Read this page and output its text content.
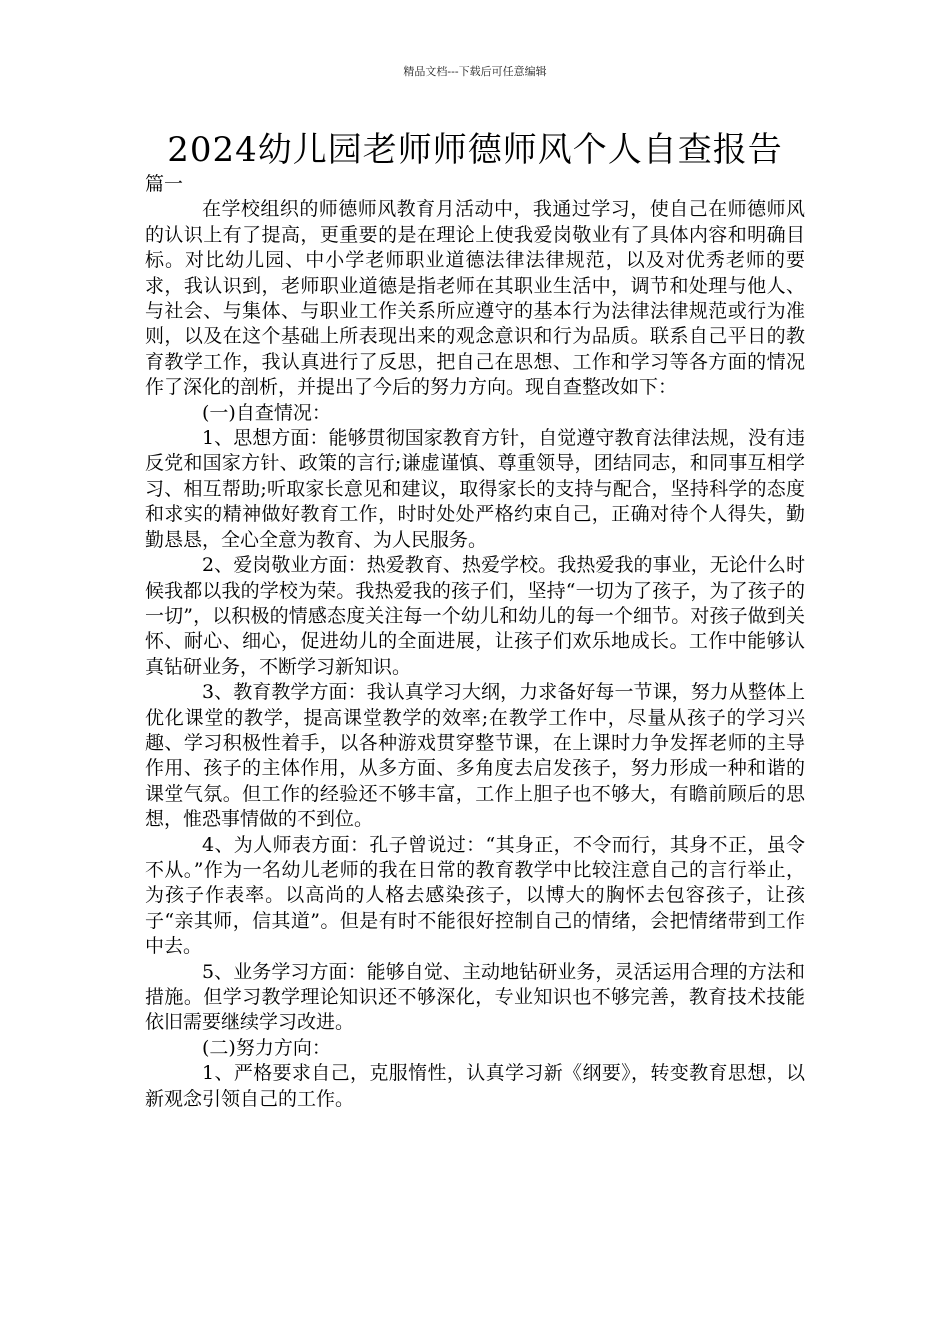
精品文档---下载后可任意编辑
2024幼儿园老师师德师风个人自查报告

篇一

在学校组织的师德师风教育月活动中，我通过学习，使自己在师德师风的认识上有了提高，更重要的是在理论上使我爱岗敬业有了具体内容和明确目标。对比幼儿园、中小学老师职业道德法律法律规范，以及对优秀老师的要求，我认识到，老师职业道德是指老师在其职业生活中，调节和处理与他人、与社会、与集体、与职业工作关系所应遵守的基本行为法律法律规范或行为准则，以及在这个基础上所表现出来的观念意识和行为品质。联系自己平日的教育教学工作，我认真进行了反思，把自己在思想、工作和学习等各方面的情况作了深化的剖析，并提出了今后的努力方向。现自查整改如下：

(一)自查情况：

1、思想方面：能够贯彻国家教育方针，自觉遵守教育法律法规，没有违反党和国家方针、政策的言行;谦虚谨慎、尊重领导，团结同志，和同事互相学习、相互帮助;听取家长意见和建议，取得家长的支持与配合，坚持科学的态度和求实的精神做好教育工作，时时处处严格约束自己，正确对待个人得失，勤勤恳恳，全心全意为教育、为人民服务。

2、爱岗敬业方面：热爱教育、热爱学校。我热爱我的事业，无论什么时候我都以我的学校为荣。我热爱我的孩子们，坚持“一切为了孩子，为了孩子的一切”，以积极的情感态度关注每一个幼儿和幼儿的每一个细节。对孩子做到关怀、耐心、细心，促进幼儿的全面进展，让孩子们欢乐地成长。工作中能够认真钻研业务，不断学习新知识。

3、教育教学方面：我认真学习大纲，力求备好每一节课，努力从整体上优化课堂的教学，提高课堂教学的效率;在教学工作中，尽量从孩子的学习兴趣、学习积极性着手，以各种游戏贯穿整节课，在上课时力争发挥老师的主导作用、孩子的主体作用，从多方面、多角度去启发孩子，努力形成一种和谐的课堂气氛。但工作的经验还不够丰富，工作上胆子也不够大，有瞻前顾后的思想，惟恐事情做的不到位。

4、为人师表方面：孔子曾说过：“其身正，不令而行，其身不正，虽令不从。”作为一名幼儿老师的我在日常的教育教学中比较注意自己的言行举止，为孩子作表率。以高尚的人格去感染孩子，以博大的胸怀去包容孩子，让孩子“亲其师，信其道”。但是有时不能很好控制自己的情绪，会把情绪带到工作中去。

5、业务学习方面：能够自觉、主动地钻研业务，灵活运用合理的方法和措施。但学习教学理论知识还不够深化，专业知识也不够完善，教育技术技能依旧需要继续学习改进。

(二)努力方向：

1、严格要求自己，克服惰性，认真学习新《纲要》，转变教育思想，以新观念引领自己的工作。
